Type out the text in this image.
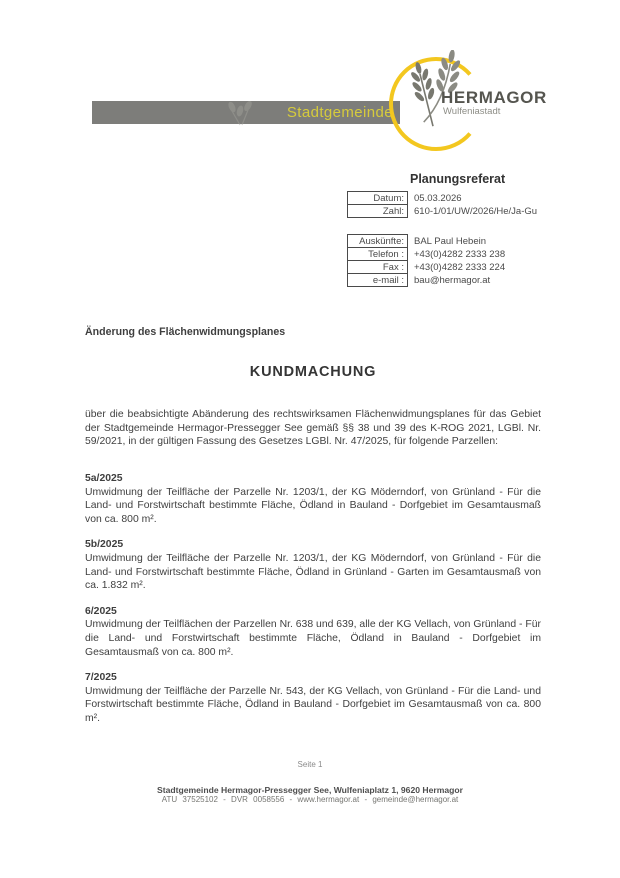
Stadtgemeinde
HERMAGOR
Wulfeniastadt
Planungsreferat
Datum:	05.03.2026
Zahl:	610-1/01/UW/2026/He/Ja-Gu
Auskünfte:	BAL Paul Hebein
Telefon :	+43(0)4282 2333 238
Fax :	+43(0)4282 2333 224
e-mail :	bau@hermagor.at
Änderung des Flächenwidmungsplanes
KUNDMACHUNG

über die beabsichtigte Abänderung des rechtswirksamen Flächenwidmungsplanes für das Gebiet der Stadtgemeinde Hermagor-Pressegger See gemäß §§ 38 und 39 des K-ROG 2021, LGBl. Nr. 59/2021, in der gültigen Fassung des Gesetzes LGBl. Nr. 47/2025, für folgende Parzellen:

5a/2025
Umwidmung der Teilfläche der Parzelle Nr. 1203/1, der KG Möderndorf, von Grünland - Für die Land- und Forstwirtschaft bestimmte Fläche, Ödland in Bauland - Dorfgebiet im Gesamtausmaß von ca. 800 m².
5b/2025
Umwidmung der Teilfläche der Parzelle Nr. 1203/1, der KG Möderndorf, von Grünland - Für die Land- und Forstwirtschaft bestimmte Fläche, Ödland in Grünland - Garten im Gesamtausmaß von ca. 1.832 m².
6/2025
Umwidmung der Teilflächen der Parzellen Nr. 638 und 639, alle der KG Vellach, von Grünland - Für die Land- und Forstwirtschaft bestimmte Fläche, Ödland in Bauland - Dorfgebiet im Gesamtausmaß von ca. 800 m².
7/2025
Umwidmung der Teilfläche der Parzelle Nr. 543, der KG Vellach, von Grünland - Für die Land- und Forstwirtschaft bestimmte Fläche, Ödland in Bauland - Dorfgebiet im Gesamtausmaß von ca. 800 m².
Seite 1
Stadtgemeinde Hermagor-Pressegger See, Wulfeniaplatz 1, 9620 Hermagor
ATU 37525102 - DVR 0058556 - www.hermagor.at - gemeinde@hermagor.at
